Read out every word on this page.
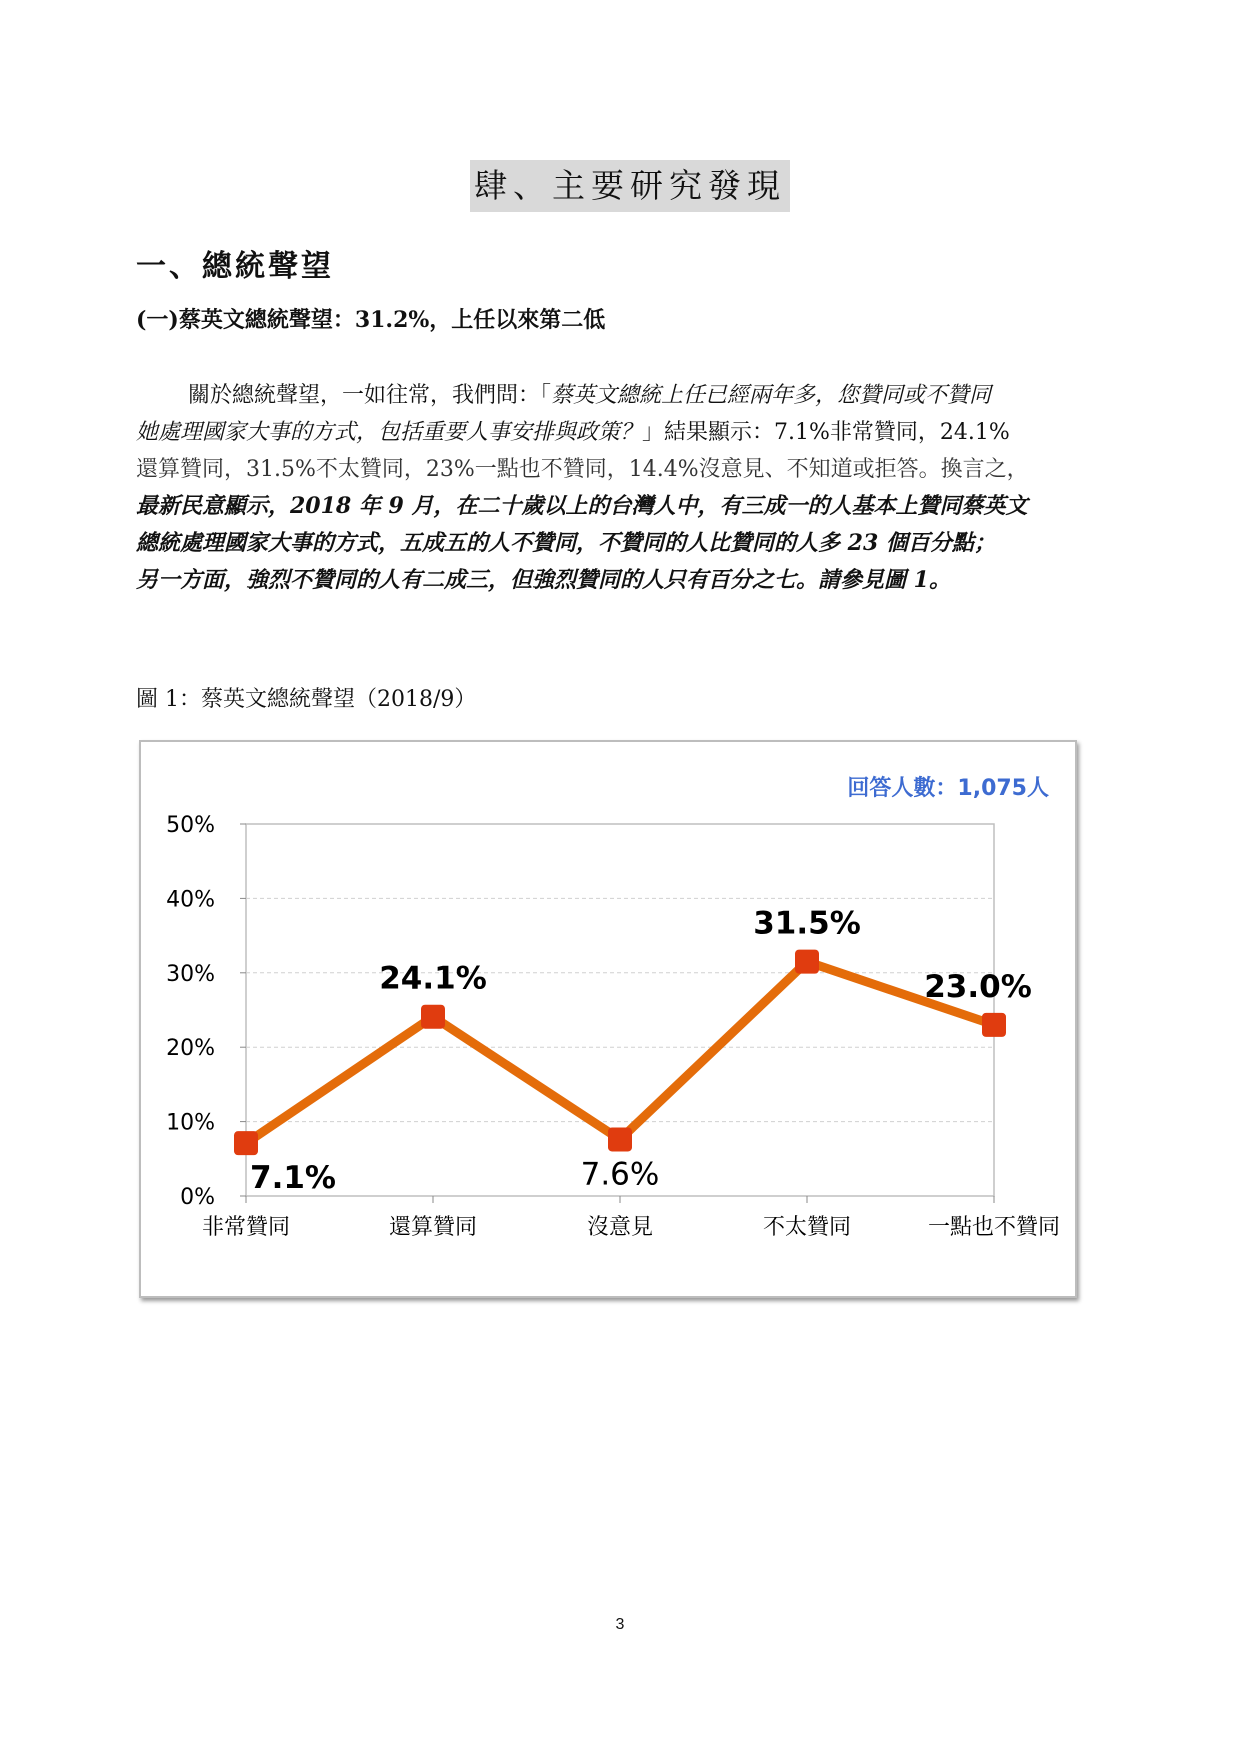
肆、主要研究發現
一、總統聲望
(一)蔡英文總統聲望：31.2%，上任以來第二低
關於總統聲望，一如往常，我們問：「蔡英文總統上任已經兩年多，您贊同或不贊同
她處理國家大事的方式，包括重要人事安排與政策？」結果顯示：7.1%非常贊同，24.1%
還算贊同，31.5%不太贊同，23%一點也不贊同，14.4%沒意見、不知道或拒答。換言之，
最新民意顯示，2018 年 9 月，在二十歲以上的台灣人中，有三成一的人基本上贊同蔡英文
總統處理國家大事的方式，五成五的人不贊同，不贊同的人比贊同的人多 23 個百分點；
另一方面，強烈不贊同的人有二成三，但強烈贊同的人只有百分之七。請參見圖 1。
圖 1：蔡英文總統聲望（2018/9）
0%
10%
20%
30%
40%
50%
非常贊同	還算贊同	沒意見	不太贊同	一點也不贊同
7.1%
24.1%
7.6%
31.5%
23.0%
回答人數：1,075人
3
